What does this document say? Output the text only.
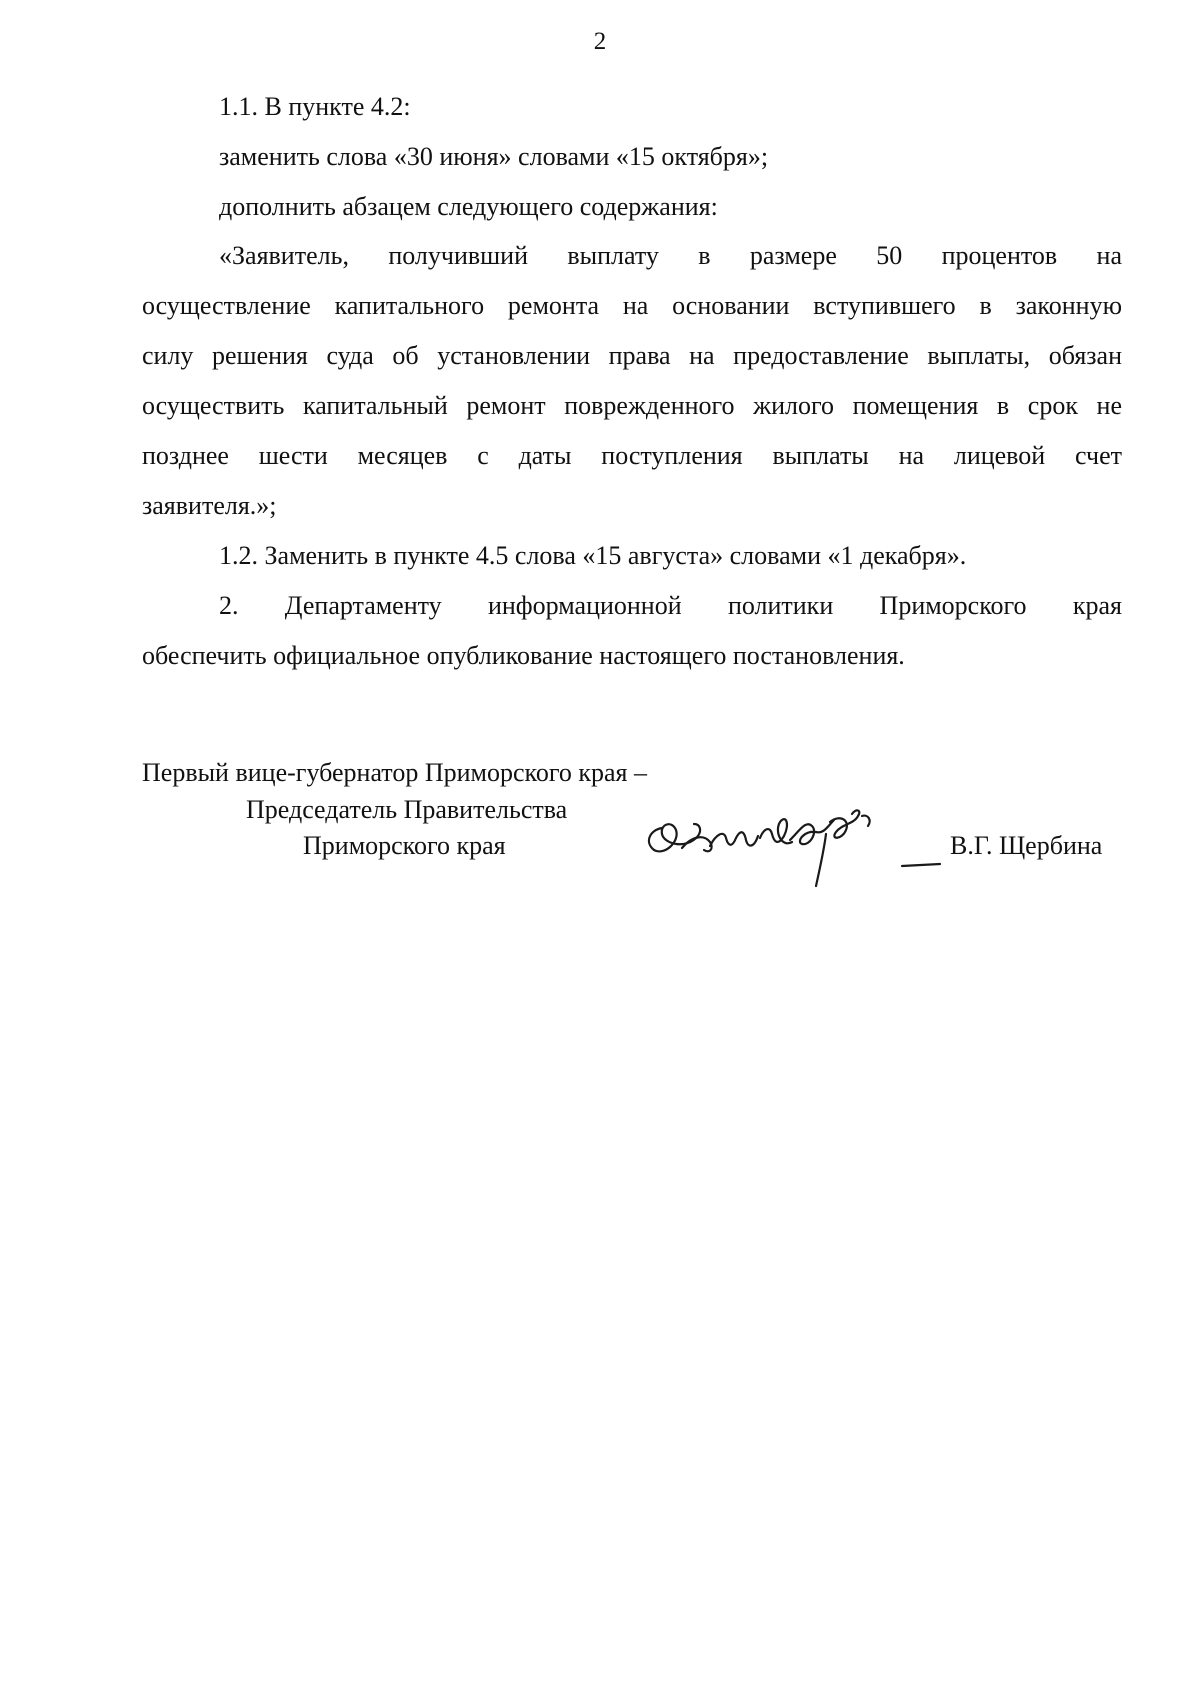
2
1.1. В пункте 4.2:
заменить слова «30 июня» словами «15 октября»;
дополнить абзацем следующего содержания:
«Заявитель, получивший выплату в размере 50 процентов на
осуществление капитального ремонта на основании вступившего в законную
силу решения суда об установлении права на предоставление выплаты, обязан
осуществить капитальный ремонт поврежденного жилого помещения в срок не
позднее шести месяцев с даты поступления выплаты на лицевой счет
заявителя.»;
1.2. Заменить в пункте 4.5 слова «15 августа» словами «1 декабря».
2. Департаменту информационной политики Приморского края
обеспечить официальное опубликование настоящего постановления.
Первый вице-губернатор Приморского края –
Председатель Правительства
Приморского края	В.Г. Щербина
